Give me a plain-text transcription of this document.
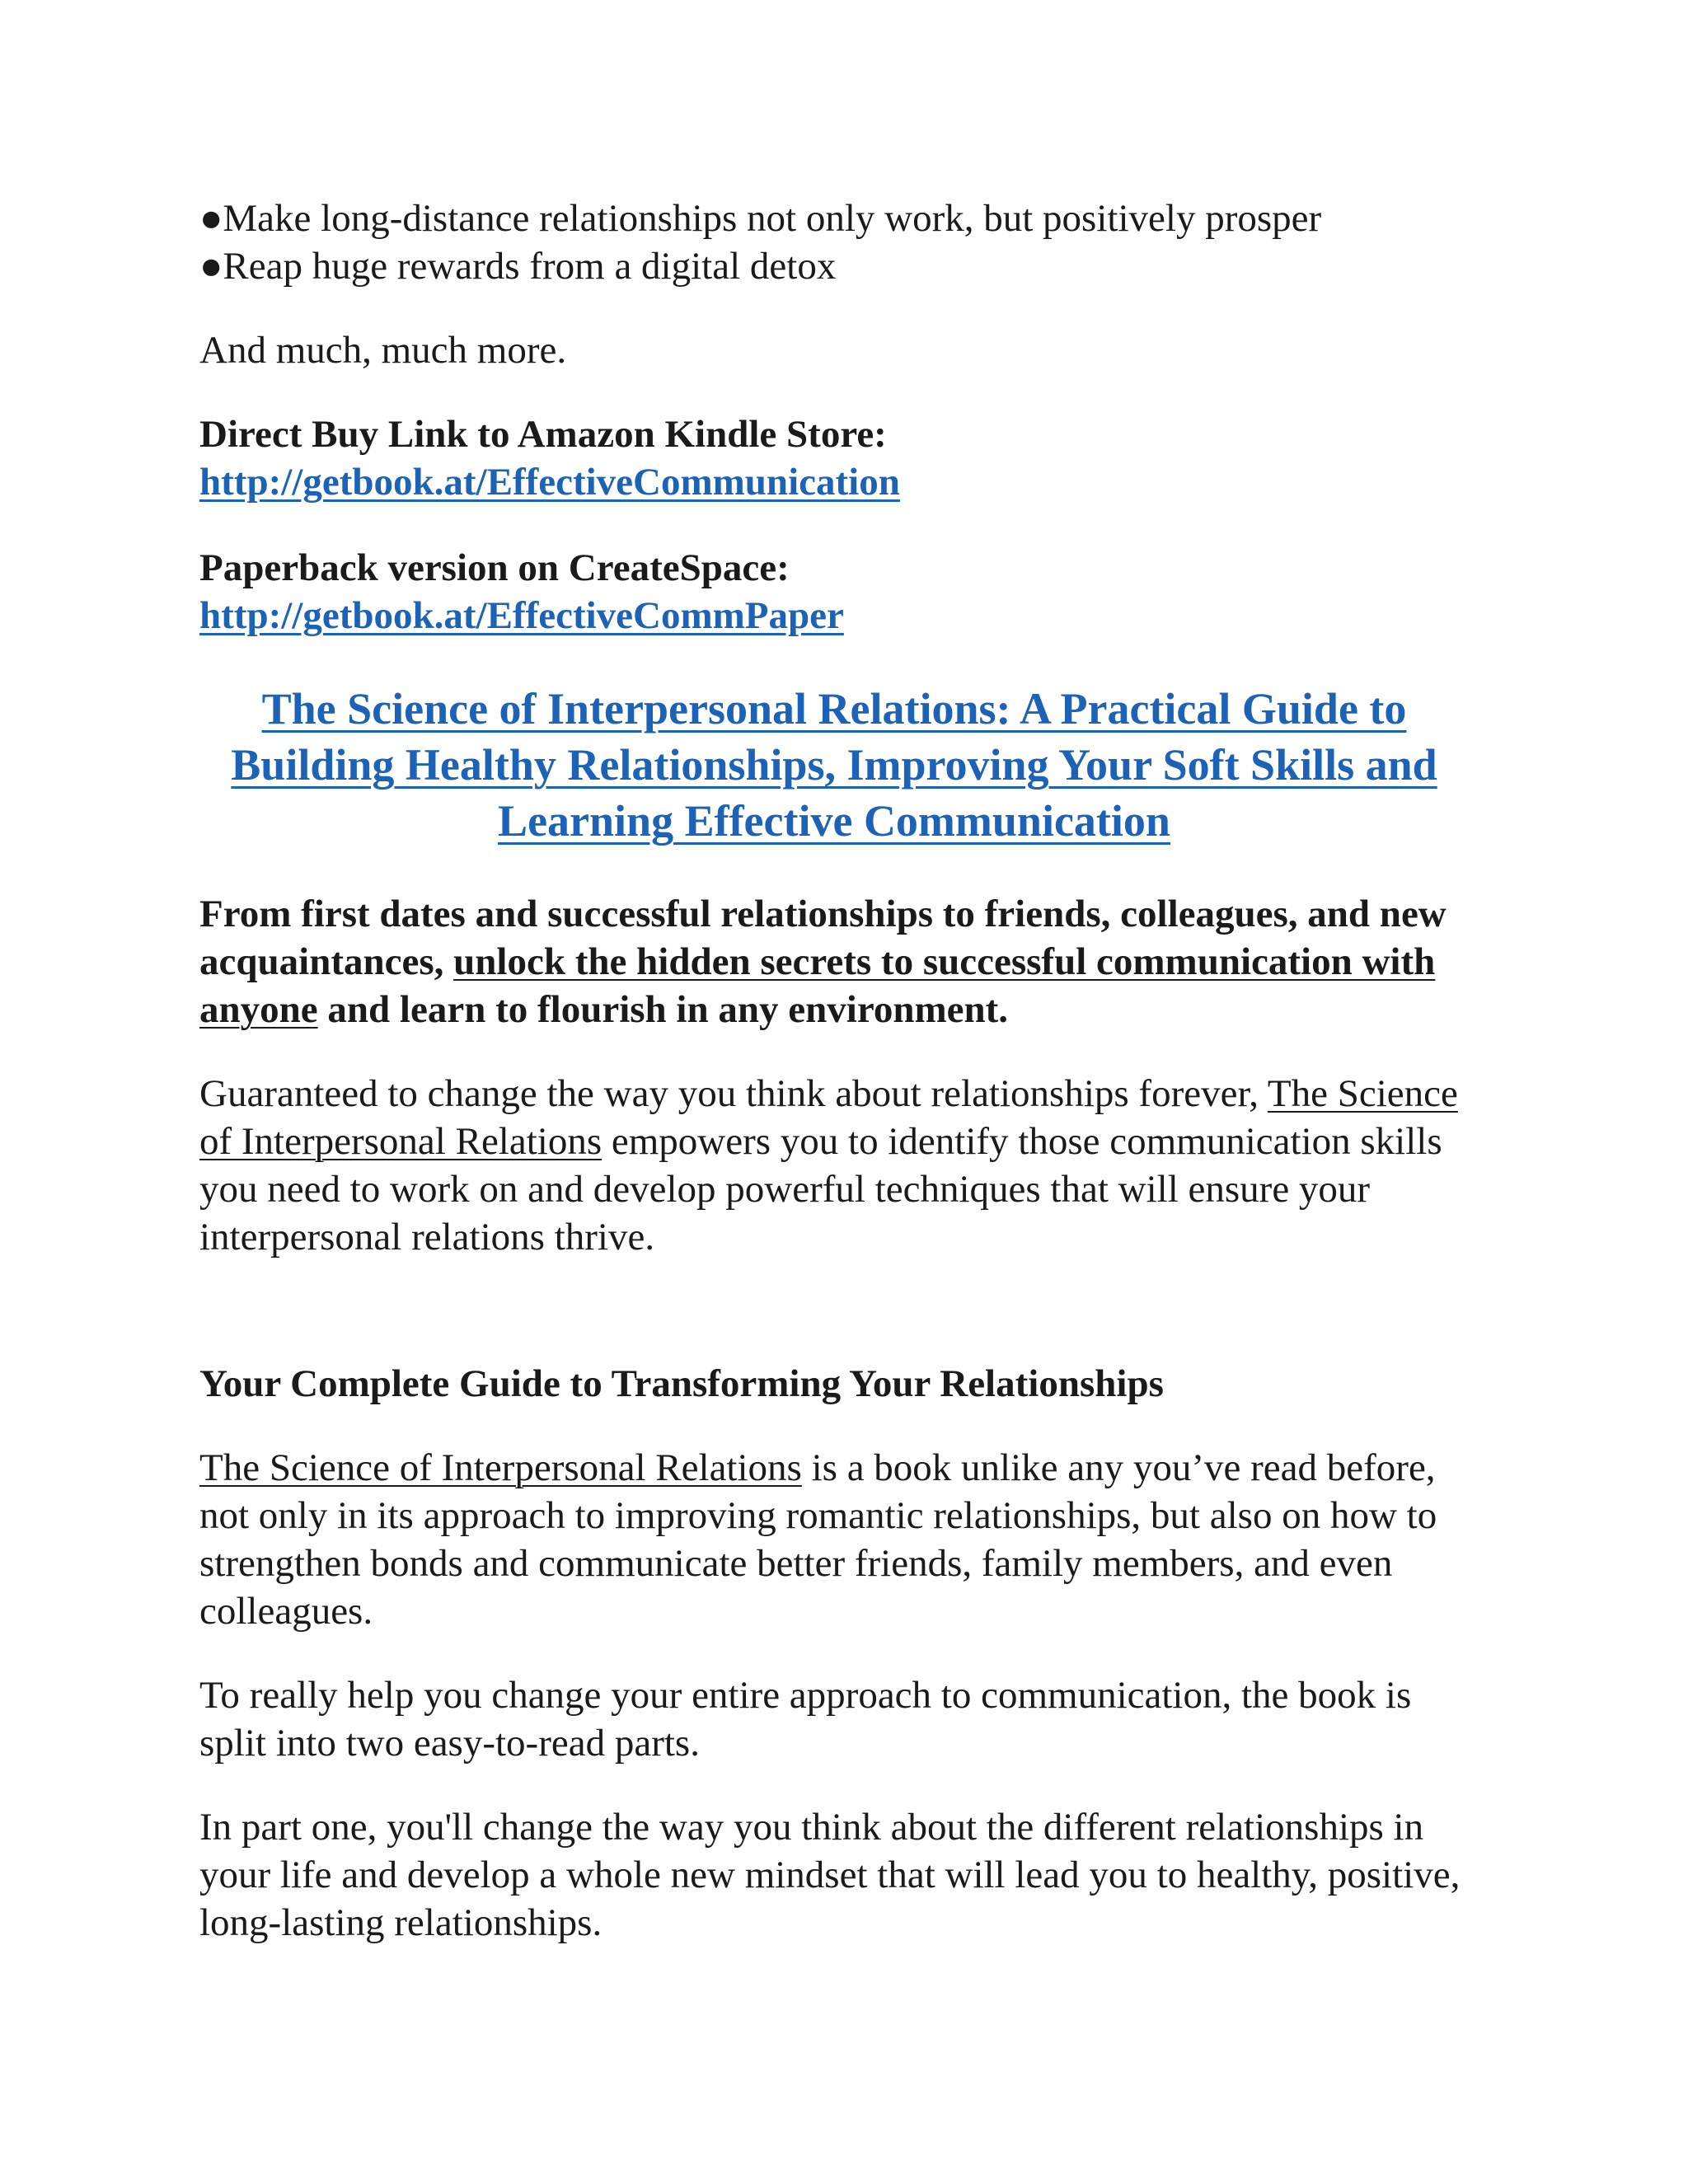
●Make long-distance relationships not only work, but positively prosper
●Reap huge rewards from a digital detox

And much, much more.

Direct Buy Link to Amazon Kindle Store:
http://getbook.at/EffectiveCommunication
Paperback version on CreateSpace:
http://getbook.at/EffectiveCommPaper
The Science of Interpersonal Relations: A Practical Guide to Building Healthy Relationships, Improving Your Soft Skills and Learning Effective Communication

From first dates and successful relationships to friends, colleagues, and new acquaintances, unlock the hidden secrets to successful communication with anyone and learn to flourish in any environment.

Guaranteed to change the way you think about relationships forever, The Science of Interpersonal Relations empowers you to identify those communication skills you need to work on and develop powerful techniques that will ensure your interpersonal relations thrive.

Your Complete Guide to Transforming Your Relationships

The Science of Interpersonal Relations is a book unlike any you’ve read before, not only in its approach to improving romantic relationships, but also on how to strengthen bonds and communicate better friends, family members, and even colleagues.

To really help you change your entire approach to communication, the book is split into two easy-to-read parts.

In part one, you'll change the way you think about the different relationships in your life and develop a whole new mindset that will lead you to healthy, positive, long-lasting relationships.
